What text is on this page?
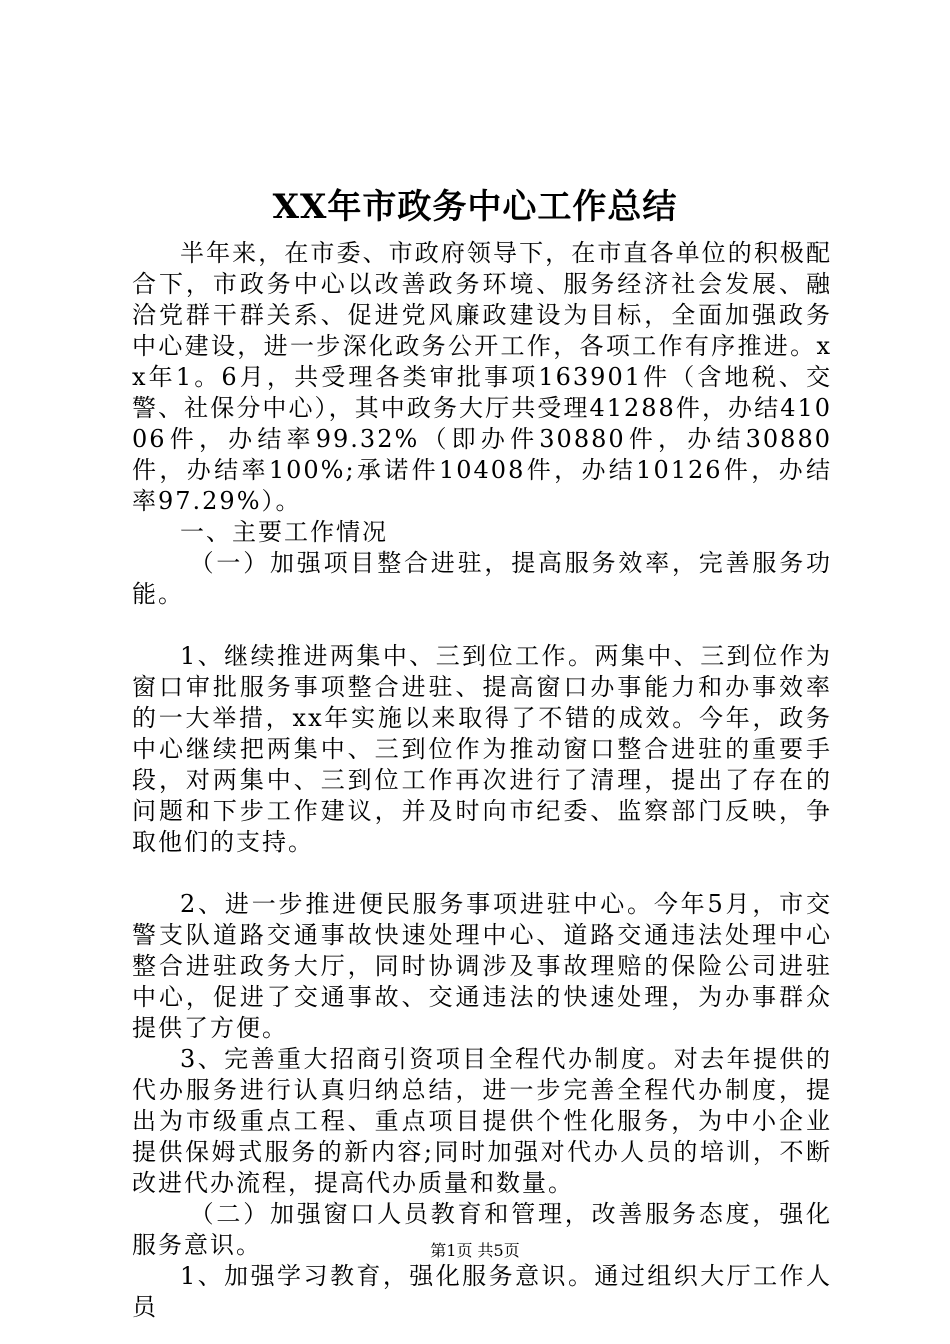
XX年市政务中心工作总结

半年来，在市委、市政府领导下，在市直各单位的积极配合下，市政务中心以改善政务环境、服务经济社会发展、融洽党群干群关系、促进党风廉政建设为目标，全面加强政务中心建设，进一步深化政务公开工作，各项工作有序推进。xx年1。6月，共受理各类审批事项163901件（含地税、交警、社保分中心），其中政务大厅共受理41288件，办结41006件，办结率99.32%（即办件30880件，办结30880件，办结率100%;承诺件10408件，办结10126件，办结率97.29%）。

一、主要工作情况

（一）加强项目整合进驻，提高服务效率，完善服务功能。

1、继续推进两集中、三到位工作。两集中、三到位作为窗口审批服务事项整合进驻、提高窗口办事能力和办事效率的一大举措，xx年实施以来取得了不错的成效。今年，政务中心继续把两集中、三到位作为推动窗口整合进驻的重要手段，对两集中、三到位工作再次进行了清理，提出了存在的问题和下步工作建议，并及时向市纪委、监察部门反映，争取他们的支持。

2、进一步推进便民服务事项进驻中心。今年5月，市交警支队道路交通事故快速处理中心、道路交通违法处理中心整合进驻政务大厅，同时协调涉及事故理赔的保险公司进驻中心，促进了交通事故、交通违法的快速处理，为办事群众提供了方便。

3、完善重大招商引资项目全程代办制度。对去年提供的代办服务进行认真归纳总结，进一步完善全程代办制度，提出为市级重点工程、重点项目提供个性化服务，为中小企业提供保姆式服务的新内容;同时加强对代办人员的培训，不断改进代办流程，提高代办质量和数量。

（二）加强窗口人员教育和管理，改善服务态度，强化服务意识。

1、加强学习教育，强化服务意识。通过组织大厅工作人员

第1页 共5页
